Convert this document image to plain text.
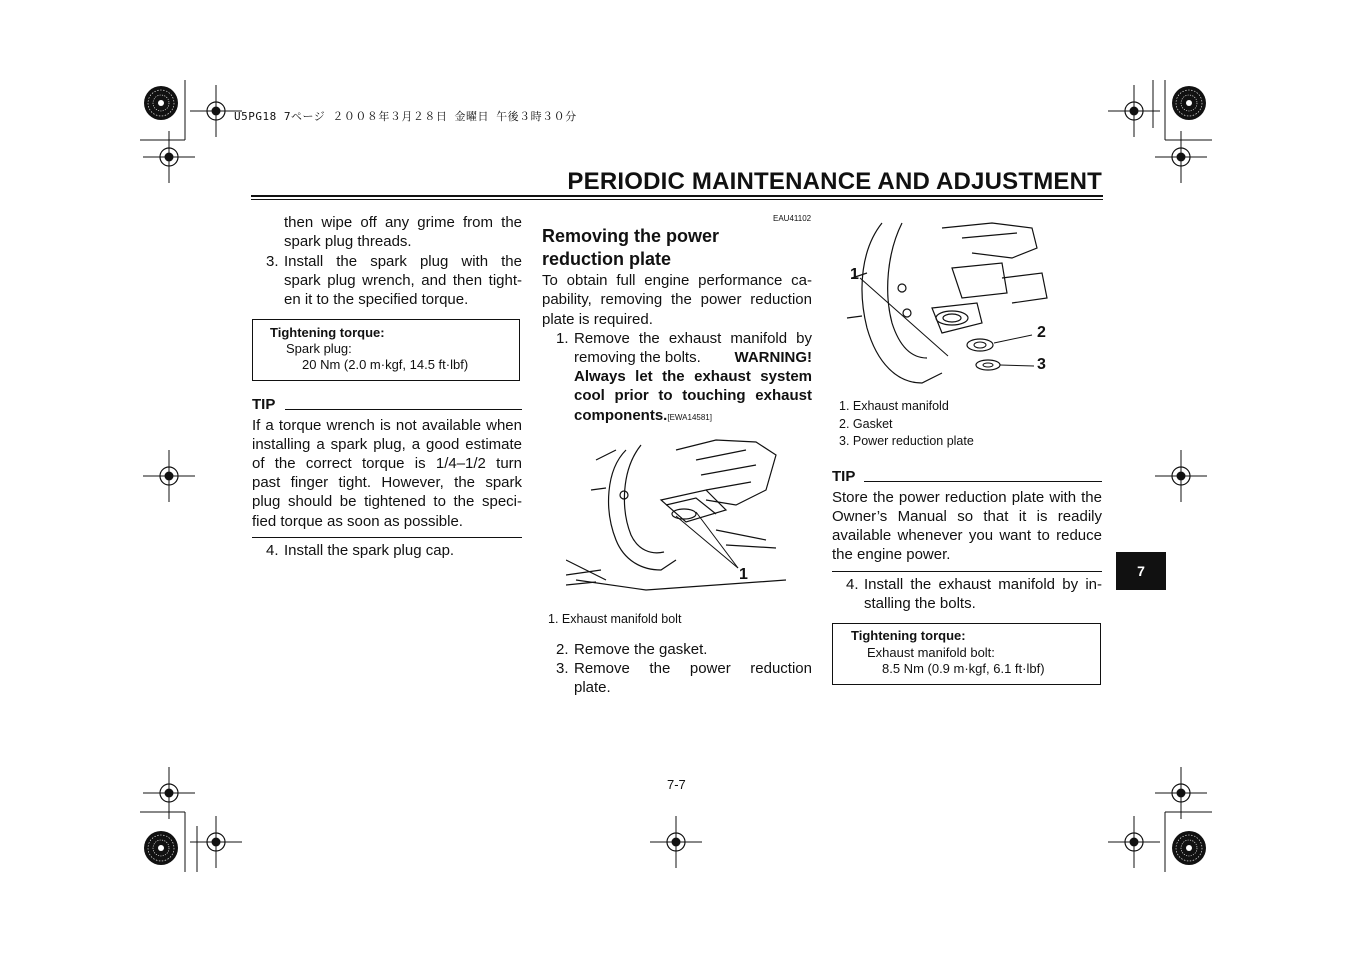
U5PG18 7ページ ２００８年３月２８日 金曜日 午後３時３０分
PERIODIC MAINTENANCE AND ADJUSTMENT
then wipe off any grime from the
spark plug threads.
3. Install the spark plug with the
spark plug wrench, and then tight-
en it to the specified torque.
Tightening torque:
Spark plug:
20 Nm (2.0 m·kgf, 14.5 ft·lbf)
TIP
If a torque wrench is not available when
installing a spark plug, a good estimate
of the correct torque is 1/4–1/2 turn
past finger tight. However, the spark
plug should be tightened to the speci-
fied torque as soon as possible.
4. Install the spark plug cap.
EAU41102
Removing the power
reduction plate
To obtain full engine performance ca-
pability, removing the power reduction
plate is required.
1. Remove the exhaust manifold by
removing the bolts. WARNING!
Always let the exhaust system
cool prior to touching exhaust
components.[EWA14581]
1
1. Exhaust manifold bolt
2. Remove the gasket.
3. Remove the power reduction
plate.
1
2
3
1. Exhaust manifold
2. Gasket
3. Power reduction plate
TIP
Store the power reduction plate with the
Owner’s Manual so that it is readily
available whenever you want to reduce
the engine power.
4. Install the exhaust manifold by in-
stalling the bolts.
Tightening torque:
Exhaust manifold bolt:
8.5 Nm (0.9 m·kgf, 6.1 ft·lbf)
7
7-7
